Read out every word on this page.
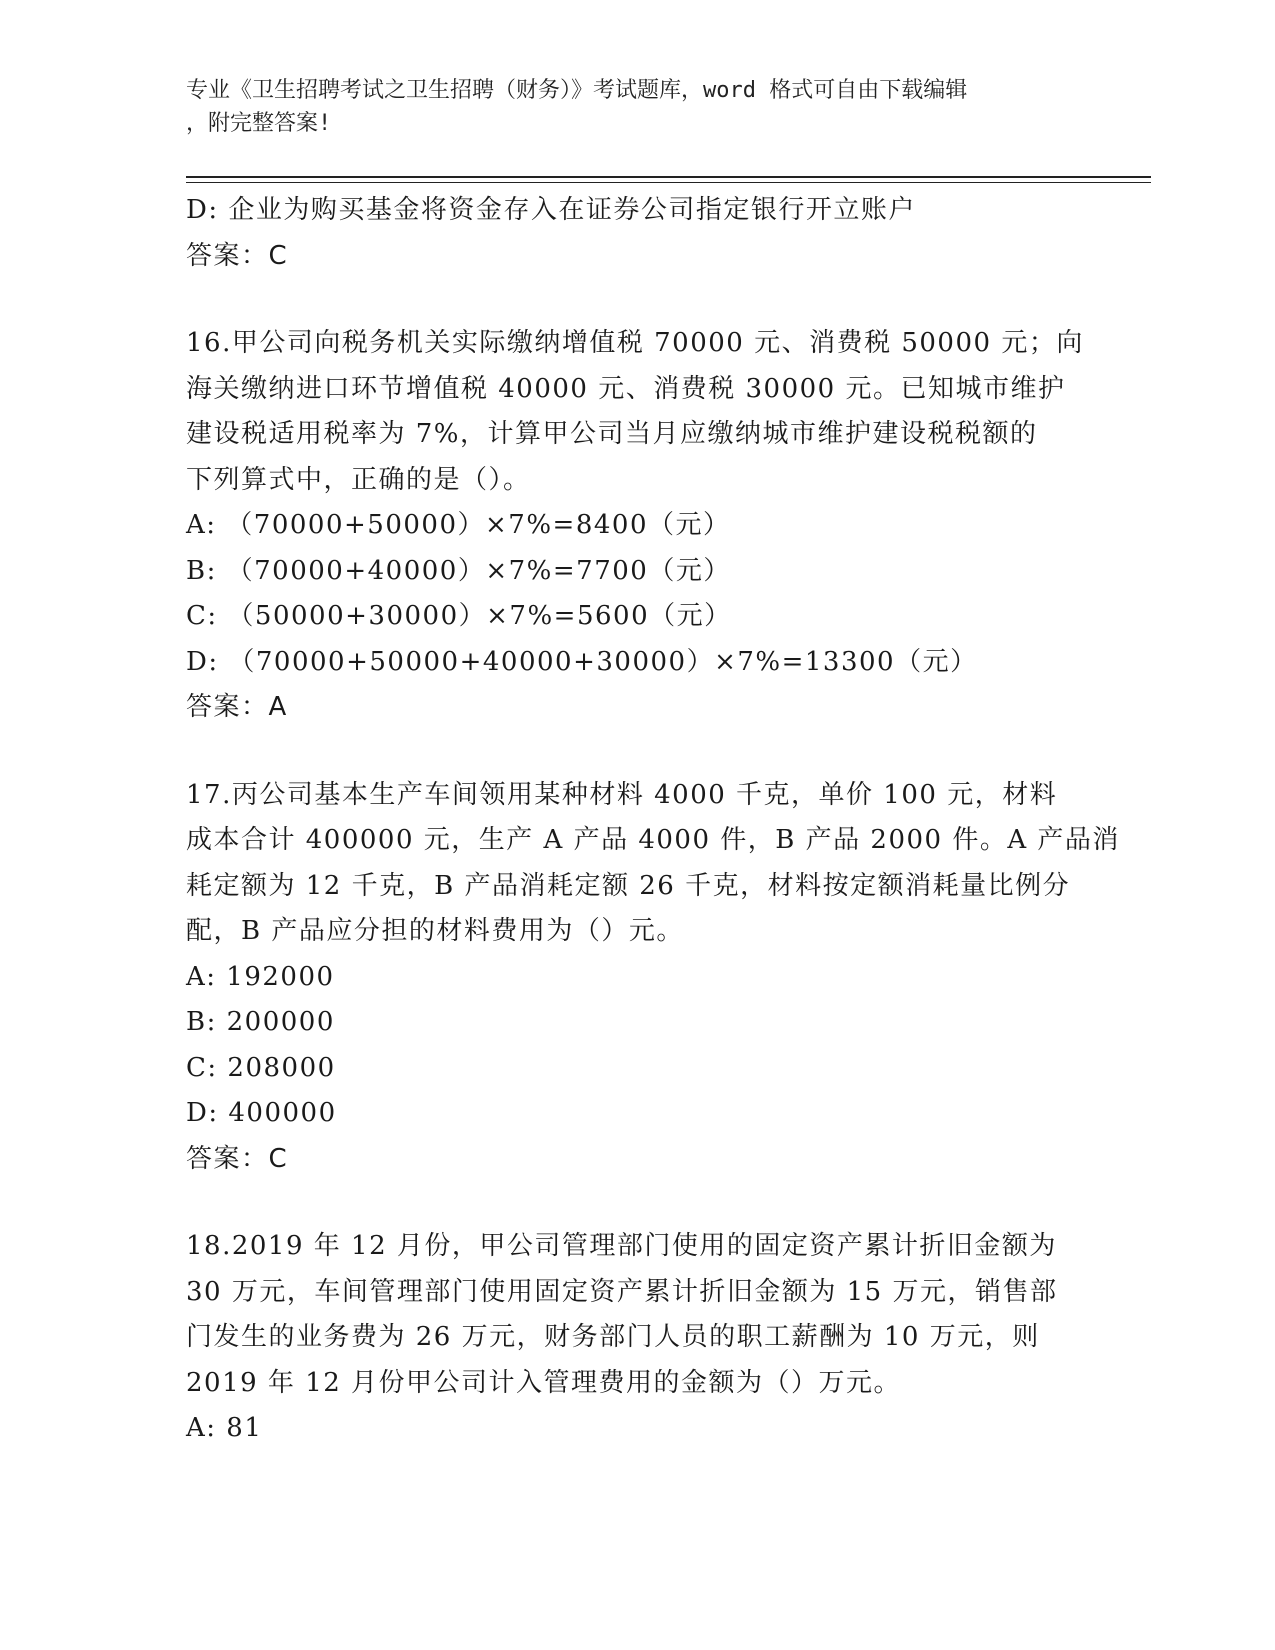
专业《卫生招聘考试之卫生招聘（财务）》考试题库，word 格式可自由下载编辑
，附完整答案!
D: 企业为购买基金将资金存入在证券公司指定银行开立账户
答案：C
16.甲公司向税务机关实际缴纳增值税 70000 元、消费税 50000 元；向
海关缴纳进口环节增值税 40000 元、消费税 30000 元。已知城市维护
建设税适用税率为 7%，计算甲公司当月应缴纳城市维护建设税税额的
下列算式中，正确的是（）。
A: （70000+50000）×7%=8400（元）
B: （70000+40000）×7%=7700（元）
C: （50000+30000）×7%=5600（元）
D: （70000+50000+40000+30000）×7%=13300（元）
答案：A
17.丙公司基本生产车间领用某种材料 4000 千克，单价 100 元，材料
成本合计 400000 元，生产 A 产品 4000 件，B 产品 2000 件。A 产品消
耗定额为 12 千克，B 产品消耗定额 26 千克，材料按定额消耗量比例分
配，B 产品应分担的材料费用为（）元。
A: 192000
B: 200000
C: 208000
D: 400000
答案：C
18.2019 年 12 月份，甲公司管理部门使用的固定资产累计折旧金额为
30 万元，车间管理部门使用固定资产累计折旧金额为 15 万元，销售部
门发生的业务费为 26 万元，财务部门人员的职工薪酬为 10 万元，则
2019 年 12 月份甲公司计入管理费用的金额为（）万元。
A: 81
